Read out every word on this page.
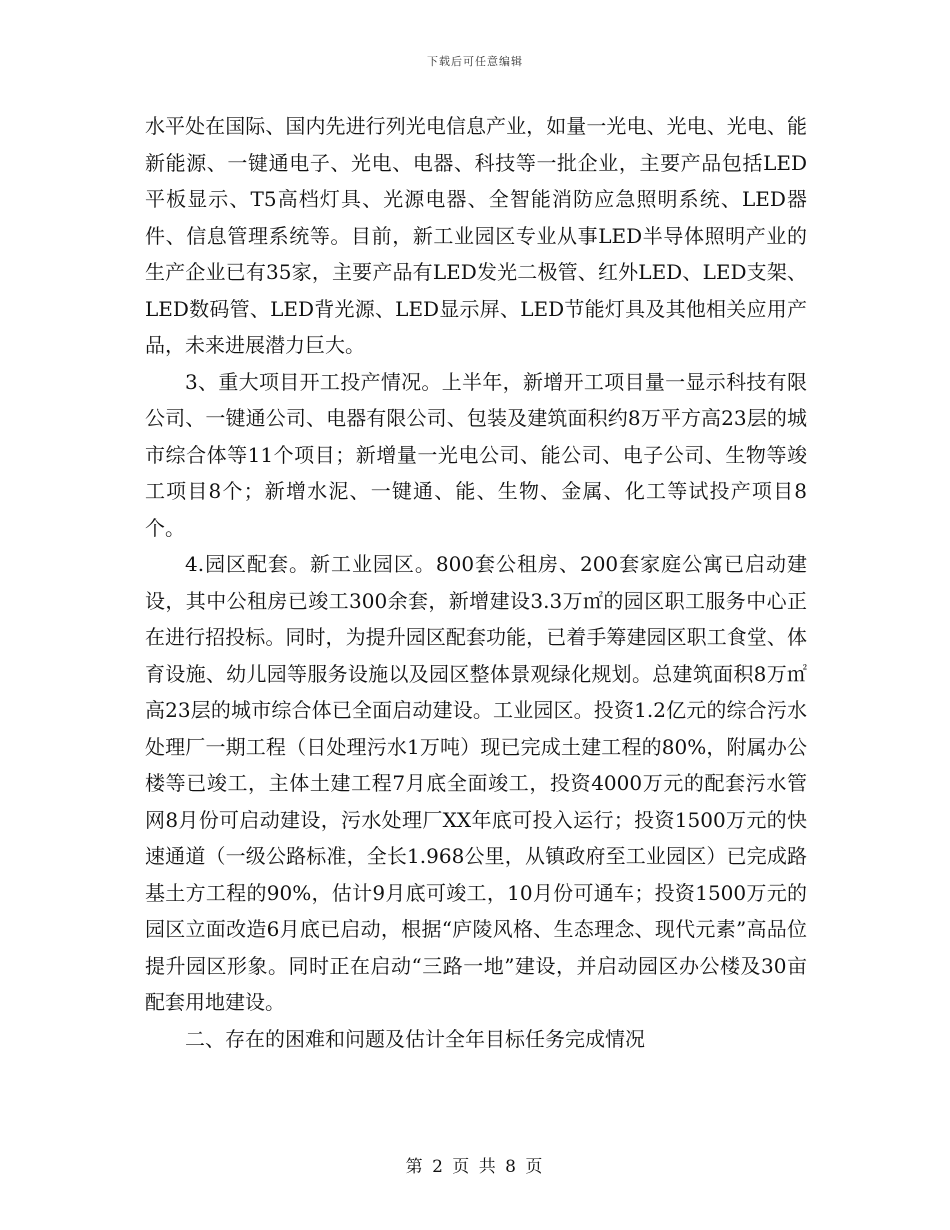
下载后可任意编辑

水平处在国际、国内先进行列光电信息产业，如量一光电、光电、光电、能新能源、一键通电子、光电、电器、科技等一批企业，主要产品包括LED平板显示、T5高档灯具、光源电器、全智能消防应急照明系统、LED器件、信息管理系统等。目前，新工业园区专业从事LED半导体照明产业的生产企业已有35家，主要产品有LED发光二极管、红外LED、LED支架、LED数码管、LED背光源、LED显示屏、LED节能灯具及其他相关应用产品，未来进展潜力巨大。

3、重大项目开工投产情况。上半年，新增开工项目量一显示科技有限公司、一键通公司、电器有限公司、包装及建筑面积约8万平方高23层的城市综合体等11个项目；新增量一光电公司、能公司、电子公司、生物等竣工项目8个；新增水泥、一键通、能、生物、金属、化工等试投产项目8个。

4.园区配套。新工业园区。800套公租房、200套家庭公寓已启动建设，其中公租房已竣工300余套，新增建设3.3万㎡的园区职工服务中心正在进行招投标。同时，为提升园区配套功能，已着手筹建园区职工食堂、体育设施、幼儿园等服务设施以及园区整体景观绿化规划。总建筑面积8万㎡高23层的城市综合体已全面启动建设。工业园区。投资1.2亿元的综合污水处理厂一期工程（日处理污水1万吨）现已完成土建工程的80%，附属办公楼等已竣工，主体土建工程7月底全面竣工，投资4000万元的配套污水管网8月份可启动建设，污水处理厂XX年底可投入运行；投资1500万元的快速通道（一级公路标准，全长1.968公里，从镇政府至工业园区）已完成路基土方工程的90%，估计9月底可竣工，10月份可通车；投资1500万元的园区立面改造6月底已启动，根据“庐陵风格、生态理念、现代元素”高品位提升园区形象。同时正在启动“三路一地”建设，并启动园区办公楼及30亩配套用地建设。

二、存在的困难和问题及估计全年目标任务完成情况

第 2 页 共 8 页
